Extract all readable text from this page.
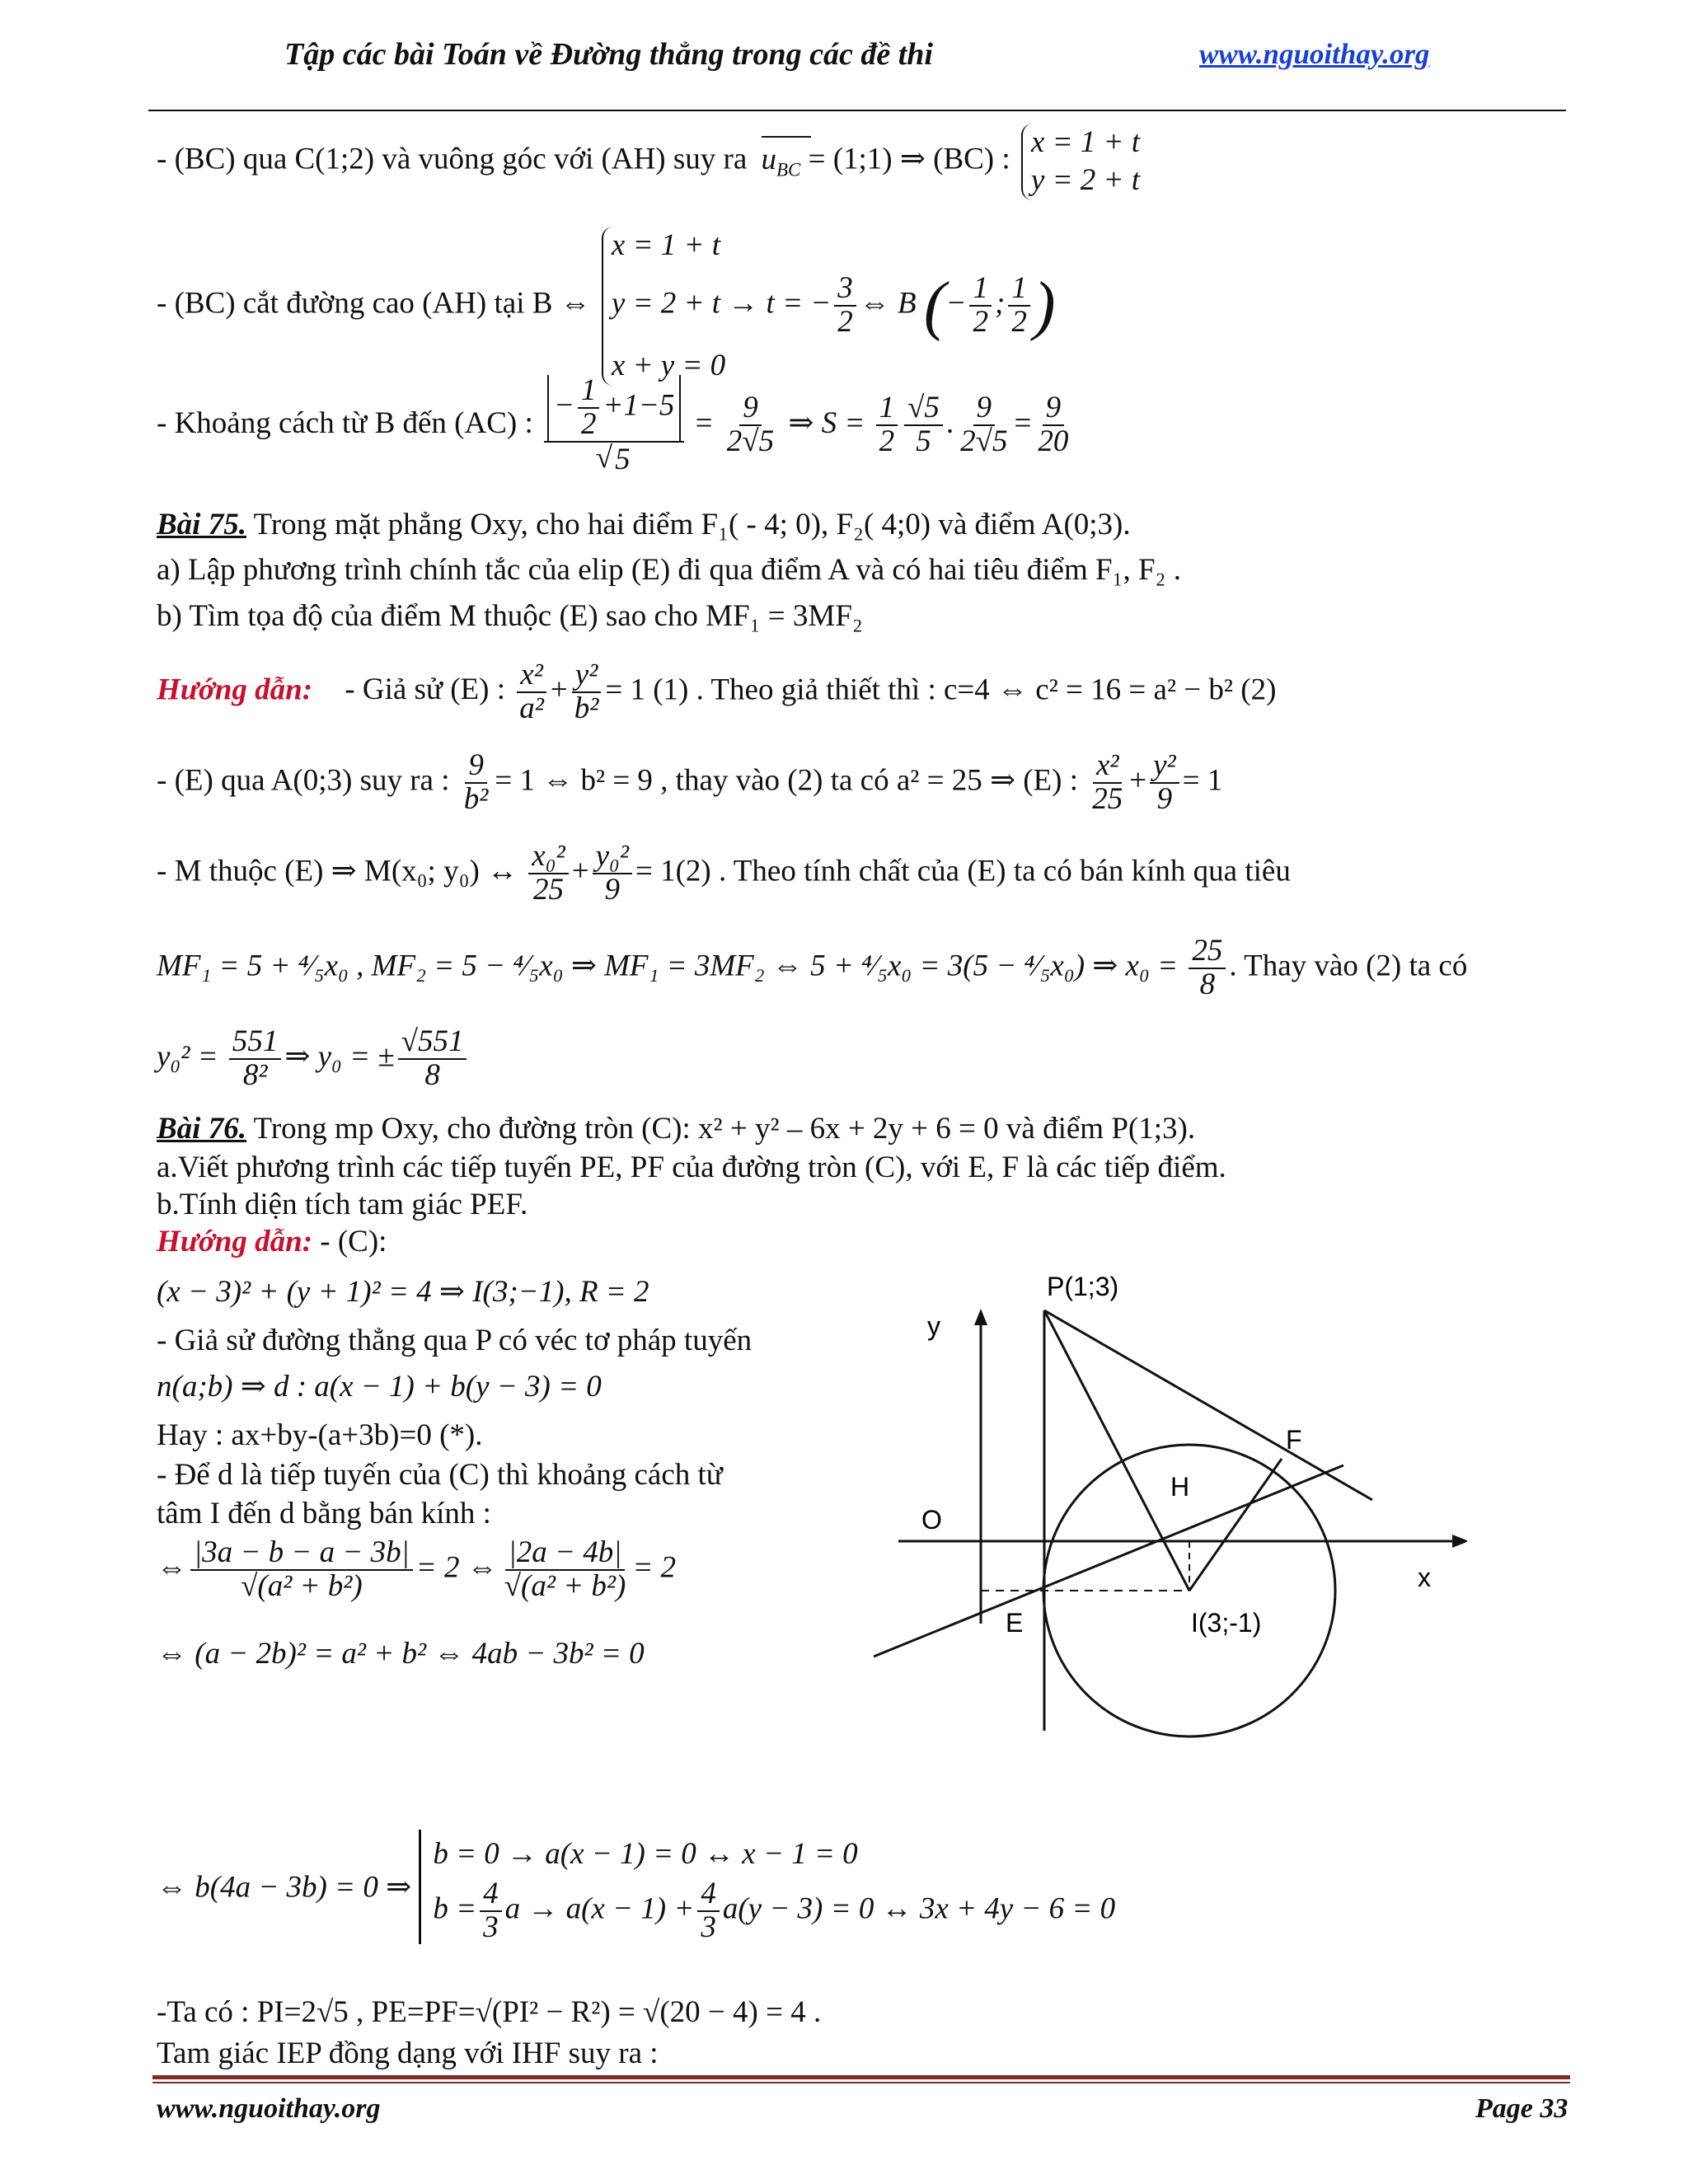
Tập các bài Toán về Đường thẳng trong các đề thi	www.nguoithay.org
- (BC) qua C(1;2) và vuông góc với (AH) suy ra $u_{BC}$ = (1;1) ⇒ (BC) :
x = 1 + t
y = 2 + t
- (BC) cắt đường cao (AH) tại B ⇔
x = 1 + t
y = 2 + t → t = − $\frac{3}{2}$ ⇔ B (− $\frac{1}{2}$ ; $\frac{1}{2}$ )
x + y = 0
- Khoảng cách từ B đến (AC) : $\frac{- \frac{1}{2} +1-5}{√5} = \frac{9}{2√5}$ ⇒ $S = \frac{1}{2} \frac{√5}{5}$ . $\frac{9}{2√5} = \frac{9}{20}$
Bài 75. Trong mặt phẳng Oxy, cho hai điểm F₁( - 4; 0), F₂( 4;0) và điểm A(0;3).
a) Lập phương trình chính tắc của elip (E) đi qua điểm A và có hai tiêu điểm F₁, F₂ .
b) Tìm tọa độ của điểm M thuộc (E) sao cho MF₁ = 3MF₂
Hướng dẫn: - Giả sử (E) : $\frac{\text{x²}}{\text{a²}} + \frac{\text{y²}}{\text{b²}} = 1$ (1) . Theo giả thiết thì : c=4 ⇔ c² = 16 = a² − b² (2)
- (E) qua A(0;3) suy ra : $\frac{9}{\text{b²}} = 1$ ⇔ b² = 9 , thay vào (2) ta có a² = 25 ⇒ (E) : $\frac{\text{x²}}{25} + \frac{\text{y²}}{9} = 1$
- M thuộc (E) ⇒ M(x₀; y₀) ↔ $\frac{\text{x₀²}}{25} + \frac{\text{y₀²}}{9} = 1(2)$ . Theo tính chất của (E) ta có bán kính qua tiêu
MF₁ = 5 + ⁴⁄₅x₀ , MF₂ = 5 − ⁴⁄₅x₀ ⇒ MF₁ = 3MF₂ ⇔ 5 + ⁴⁄₅x₀ = 3(5 − ⁴⁄₅x₀) ⇒ $x_0 = \frac{25}{8}$ . Thay vào (2) ta có
$y_0^2 = \frac{551}{\text{8²}}$ ⇒ y₀ = ± $\frac{√551}{8}$
Bài 76. Trong mp Oxy, cho đường tròn (C): x² + y² – 6x + 2y + 6 = 0 và điểm P(1;3).
a.Viết phương trình các tiếp tuyến PE, PF của đường tròn (C), với E, F là các tiếp điểm.
b.Tính diện tích tam giác PEF.
Hướng dẫn: - (C):
(x − 3)² + (y + 1)² = 4 ⇒ I(3;−1), R = 2
- Giả sử đường thẳng qua P có véc tơ pháp tuyến
n(a;b) ⇒ d : a(x − 1) + b(y − 3) = 0
Hay : ax+by-(a+3b)=0 (*).
- Để d là tiếp tuyến của (C) thì khoảng cách từ
tâm I đến d bằng bán kính :
⇔ $\frac{|3a - b - a - 3b|}{\text{√(a² + b²)}} = 2$ ⇔ $\frac{|2a - 4b|}{\text{√(a² + b²)}} = 2$
⇔ (a − 2b)² = a² + b² ⇔ 4ab − 3b² = 0
⇔ b(4a − 3b) = 0 ⇒
b = 0 → a(x − 1) = 0 ↔ x − 1 = 0
$b = \frac{4}{3}$ $a \to a(x - 1) + \frac{4}{3} a(y - 3) = 0$ ↔ 3x + 4y − 6 = 0
-Ta có : PI=2√5 , PE=PF=√(PI² − R²) = √(20 − 4) = 4 .
Tam giác IEP đồng dạng với IHF suy ra :
P(1;3)
y
x
O
F
H
E	I(3;-1)
www.nguoithay.org	Page 33
